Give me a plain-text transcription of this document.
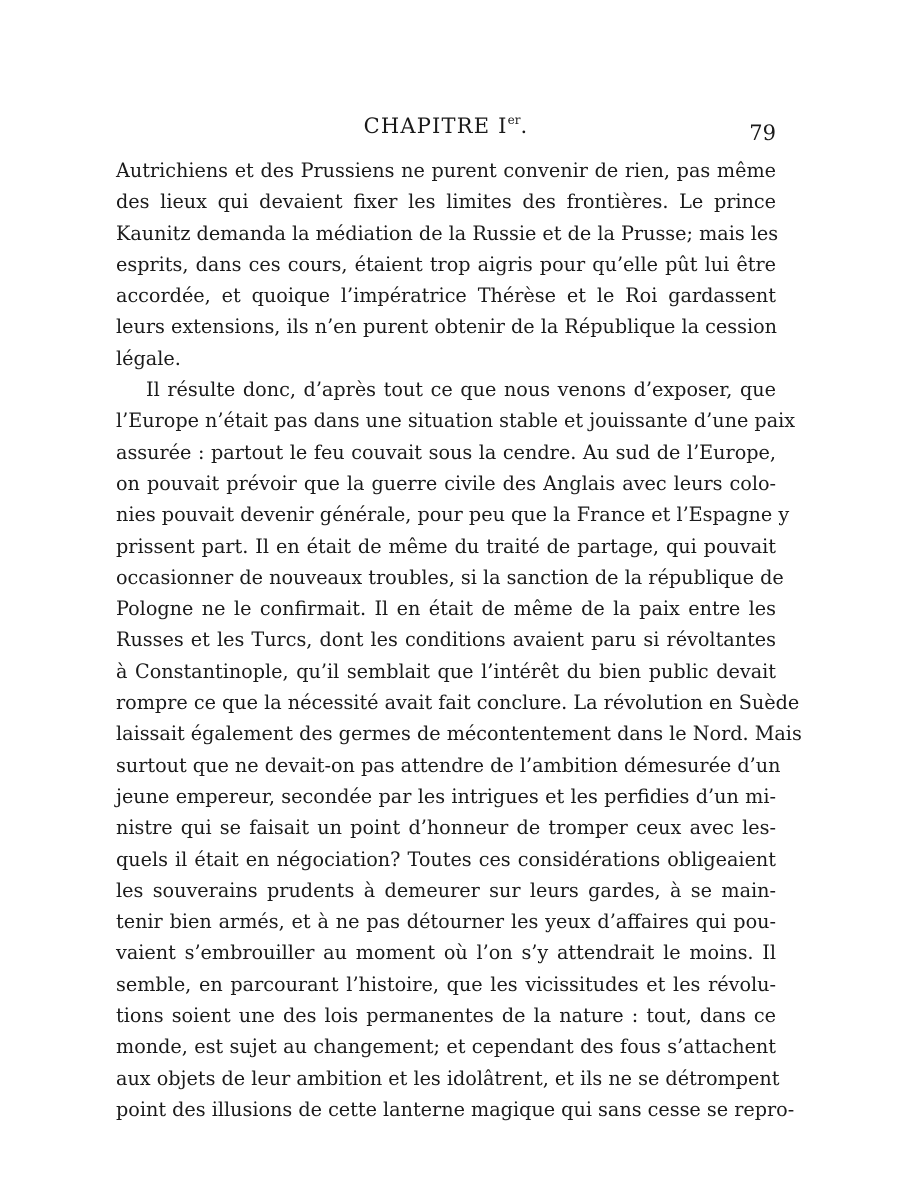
CHAPITRE Ier.	79
Autrichiens et des Prussiens ne purent convenir de rien, pas même
des lieux qui devaient fixer les limites des frontières. Le prince
Kaunitz demanda la médiation de la Russie et de la Prusse; mais les
esprits, dans ces cours, étaient trop aigris pour qu’elle pût lui être
accordée, et quoique l’impératrice Thérèse et le Roi gardassent
leurs extensions, ils n’en purent obtenir de la République la cession
légale.
Il résulte donc, d’après tout ce que nous venons d’exposer, que
l’Europe n’était pas dans une situation stable et jouissante d’une paix
assurée : partout le feu couvait sous la cendre. Au sud de l’Europe,
on pouvait prévoir que la guerre civile des Anglais avec leurs colo-
nies pouvait devenir générale, pour peu que la France et l’Espagne y
prissent part. Il en était de même du traité de partage, qui pouvait
occasionner de nouveaux troubles, si la sanction de la république de
Pologne ne le confirmait. Il en était de même de la paix entre les
Russes et les Turcs, dont les conditions avaient paru si révoltantes
à Constantinople, qu’il semblait que l’intérêt du bien public devait
rompre ce que la nécessité avait fait conclure. La révolution en Suède
laissait également des germes de mécontentement dans le Nord. Mais
surtout que ne devait-on pas attendre de l’ambition démesurée d’un
jeune empereur, secondée par les intrigues et les perfidies d’un mi-
nistre qui se faisait un point d’honneur de tromper ceux avec les-
quels il était en négociation? Toutes ces considérations obligeaient
les souverains prudents à demeurer sur leurs gardes, à se main-
tenir bien armés, et à ne pas détourner les yeux d’affaires qui pou-
vaient s’embrouiller au moment où l’on s’y attendrait le moins. Il
semble, en parcourant l’histoire, que les vicissitudes et les révolu-
tions soient une des lois permanentes de la nature : tout, dans ce
monde, est sujet au changement; et cependant des fous s’attachent
aux objets de leur ambition et les idolâtrent, et ils ne se détrompent
point des illusions de cette lanterne magique qui sans cesse se repro-
